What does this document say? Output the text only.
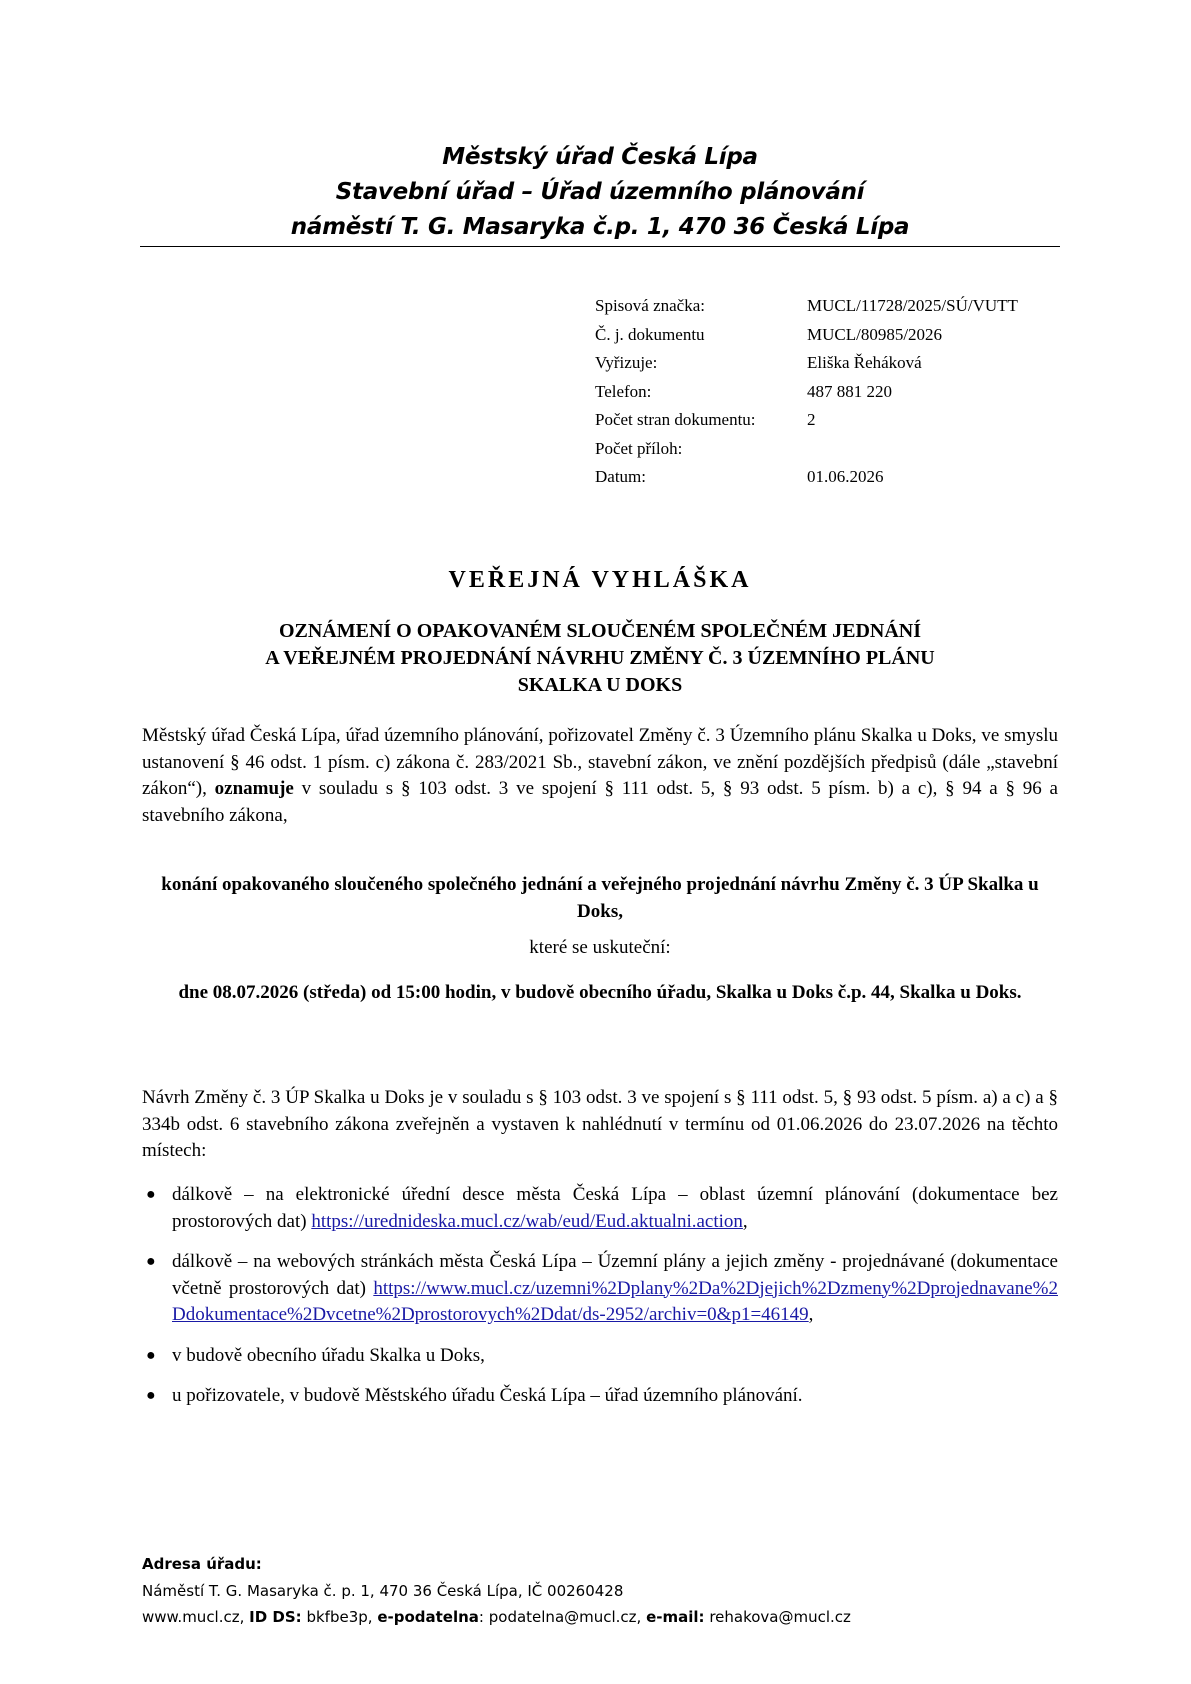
Městský úřad Česká Lípa
Stavební úřad – Úřad územního plánování
náměstí T. G. Masaryka č.p. 1, 470 36 Česká Lípa
Spisová značka:	MUCL/11728/2025/SÚ/VUTT
Č. j. dokumentu	MUCL/80985/2026
Vyřizuje:	Eliška Řeháková
Telefon:	487 881 220
Počet stran dokumentu:	2
Počet příloh:
Datum:	01.06.2026
VEŘEJNÁ VYHLÁŠKA
OZNÁMENÍ O OPAKOVANÉM SLOUČENÉM SPOLEČNÉM JEDNÁNÍ
A VEŘEJNÉM PROJEDNÁNÍ NÁVRHU ZMĚNY Č. 3 ÚZEMNÍHO PLÁNU
SKALKA U DOKS

Městský úřad Česká Lípa, úřad územního plánování, pořizovatel Změny č. 3 Územního plánu Skalka u Doks, ve smyslu ustanovení § 46 odst. 1 písm. c) zákona č. 283/2021 Sb., stavební zákon, ve znění pozdějších předpisů (dále „stavební zákon“), oznamuje v souladu s § 103 odst. 3 ve spojení § 111 odst. 5, § 93 odst. 5 písm. b) a c), § 94 a § 96 a stavebního zákona,

konání opakovaného sloučeného společného jednání a veřejného projednání návrhu Změny č. 3 ÚP Skalka u Doks,
které se uskuteční:
dne 08.07.2026 (středa) od 15:00 hodin, v budově obecního úřadu, Skalka u Doks č.p. 44, Skalka u Doks.

Návrh Změny č. 3 ÚP Skalka u Doks je v souladu s § 103 odst. 3 ve spojení s § 111 odst. 5, § 93 odst. 5 písm. a) a c) a § 334b odst. 6 stavebního zákona zveřejněn a vystaven k nahlédnutí v termínu od 01.06.2026 do 23.07.2026 na těchto místech:

● dálkově – na elektronické úřední desce města Česká Lípa – oblast územní plánování (dokumentace bez prostorových dat) https://urednideska.mucl.cz/wab/eud/Eud.aktualni.action,
● dálkově – na webových stránkách města Česká Lípa – Územní plány a jejich změny - projednávané (dokumentace včetně prostorových dat) https://www.mucl.cz/uzemni%2Dplany%2Da%2Djejich%2Dzmeny%2Dprojednavane%2Ddokumentace%2Dvcetne%2Dprostorovych%2Ddat/ds-2952/archiv=0&p1=46149,
● v budově obecního úřadu Skalka u Doks,
● u pořizovatele, v budově Městského úřadu Česká Lípa – úřad územního plánování.
Adresa úřadu:
Náměstí T. G. Masaryka č. p. 1, 470 36 Česká Lípa, IČ 00260428
www.mucl.cz, ID DS: bkfbe3p, e-podatelna: podatelna@mucl.cz, e-mail: rehakova@mucl.cz
